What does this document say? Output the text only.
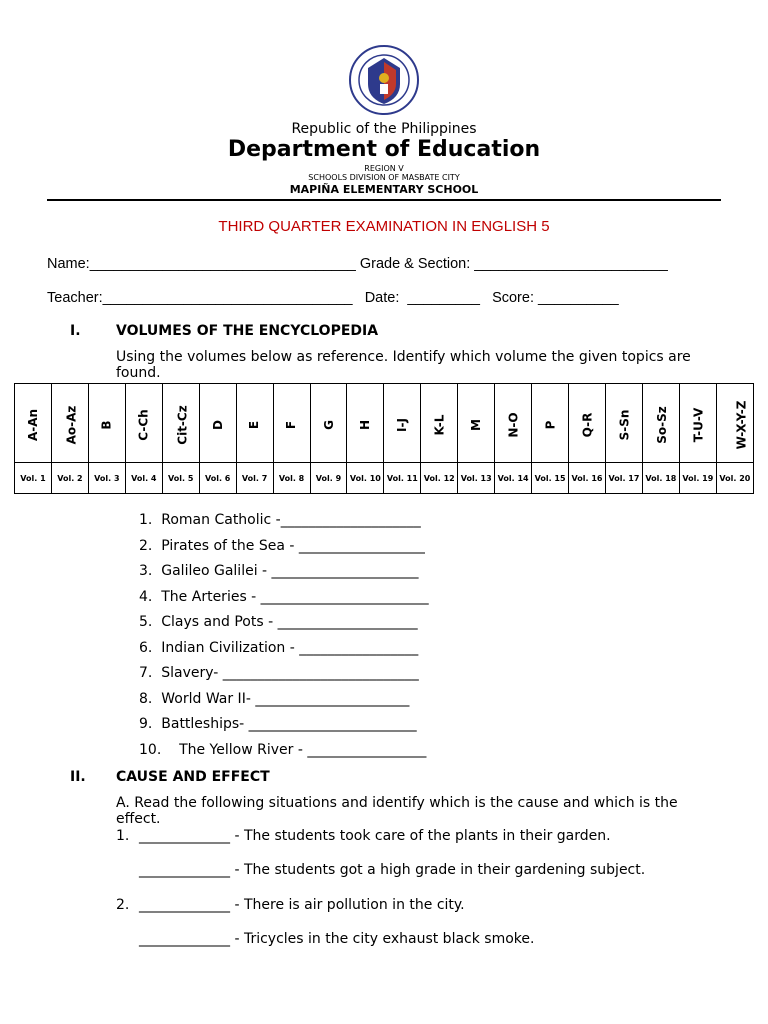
Republic of the Philippines
Department of Education
REGION V
SCHOOLS DIVISION OF MASBATE CITY
MAPIÑA ELEMENTARY SCHOOL
THIRD QUARTER EXAMINATION IN ENGLISH 5
Name:_________________________________ Grade & Section: ________________________
Teacher:_______________________________   Date:  _________   Score: __________
I.	VOLUMES OF THE ENCYCLOPEDIA
Using the volumes below as reference. Identify which volume the given topics are found.
A-An	Ao-Az	B	C-Ch	Cit-Cz	D	E	F	G	H	I-J	K-L	M	N-O	P	Q-R	S-Sn	So-Sz	T-U-V	W-X-Y-Z
Vol. 1	Vol. 2	Vol. 3	Vol. 4	Vol. 5	Vol. 6	Vol. 7	Vol. 8	Vol. 9	Vol. 10	Vol. 11	Vol. 12	Vol. 13	Vol. 14	Vol. 15	Vol. 16	Vol. 17	Vol. 18	Vol. 19	Vol. 20
1.  Roman Catholic -____________________
2.  Pirates of the Sea - __________________
3.  Galileo Galilei - _____________________
4.  The Arteries - ________________________
5.  Clays and Pots - ____________________
6.  Indian Civilization - _________________
7.  Slavery- ____________________________
8.  World War II- ______________________
9.  Battleships- ________________________
10.    The Yellow River - _________________
II. CAUSE AND EFFECT
A. Read the following situations and identify which is the cause and which is the effect.
1. _____________ - The students took care of the plants in their garden.
_____________ - The students got a high grade in their gardening subject.
2. _____________ - There is air pollution in the city.
_____________ - Tricycles in the city exhaust black smoke.
